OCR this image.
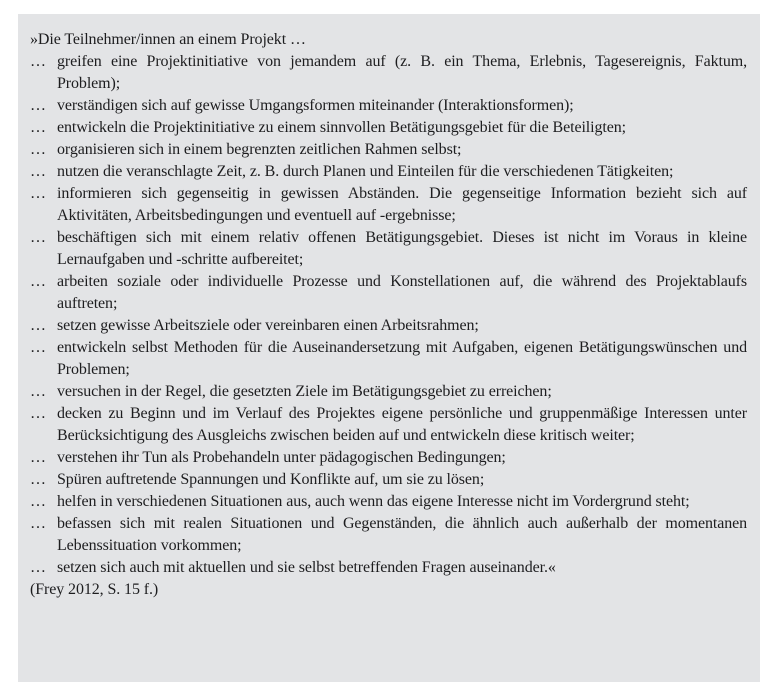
»Die Teilnehmer/innen an einem Projekt …

… greifen eine Projektinitiative von jemandem auf (z. B. ein Thema, Erlebnis, Tagesereignis, Faktum, Problem);
… verständigen sich auf gewisse Umgangsformen miteinander (Interaktionsformen);
… entwickeln die Projektinitiative zu einem sinnvollen Betätigungsgebiet für die Beteiligten;
… organisieren sich in einem begrenzten zeitlichen Rahmen selbst;
… nutzen die veranschlagte Zeit, z. B. durch Planen und Einteilen für die verschiedenen Tätigkeiten;
… informieren sich gegenseitig in gewissen Abständen. Die gegenseitige Information bezieht sich auf Aktivitäten, Arbeitsbedingungen und eventuell auf -ergebnisse;
… beschäftigen sich mit einem relativ offenen Betätigungsgebiet. Dieses ist nicht im Voraus in kleine Lernaufgaben und -schritte aufbereitet;
… arbeiten soziale oder individuelle Prozesse und Konstellationen auf, die während des Projektablaufs auftreten;
… setzen gewisse Arbeitsziele oder vereinbaren einen Arbeitsrahmen;
… entwickeln selbst Methoden für die Auseinandersetzung mit Aufgaben, eigenen Betätigungswünschen und Problemen;
… versuchen in der Regel, die gesetzten Ziele im Betätigungsgebiet zu erreichen;
… decken zu Beginn und im Verlauf des Projektes eigene persönliche und gruppenmäßige Interessen unter Berücksichtigung des Ausgleichs zwischen beiden auf und entwickeln diese kritisch weiter;
… verstehen ihr Tun als Probehandeln unter pädagogischen Bedingungen;
… Spüren auftretende Spannungen und Konflikte auf, um sie zu lösen;
… helfen in verschiedenen Situationen aus, auch wenn das eigene Interesse nicht im Vordergrund steht;
… befassen sich mit realen Situationen und Gegenständen, die ähnlich auch außerhalb der momentanen Lebenssituation vorkommen;
… setzen sich auch mit aktuellen und sie selbst betreffenden Fragen auseinander.«

(Frey 2012, S. 15 f.)
